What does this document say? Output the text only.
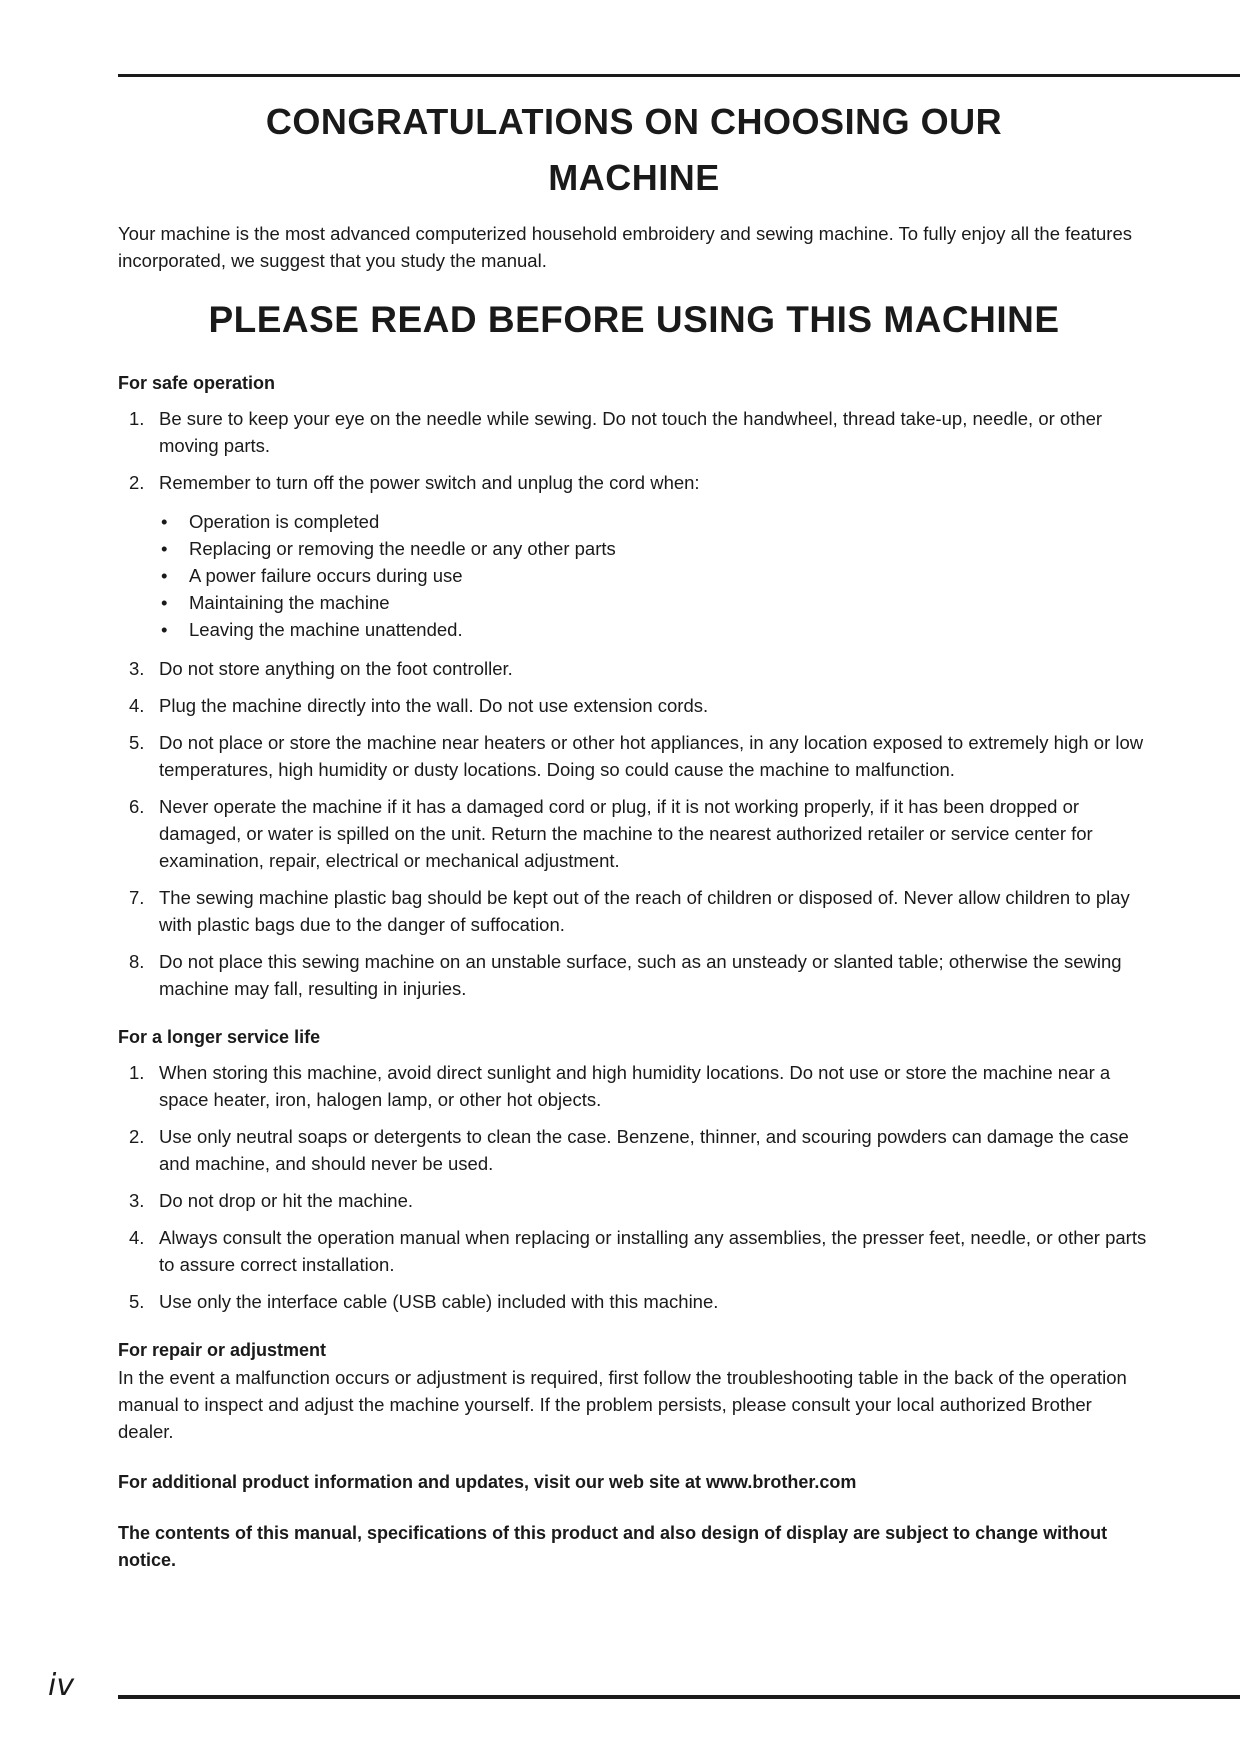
CONGRATULATIONS ON CHOOSING OUR MACHINE

Your machine is the most advanced computerized household embroidery and sewing machine. To fully enjoy all the features incorporated, we suggest that you study the manual.

PLEASE READ BEFORE USING THIS MACHINE

For safe operation

1. Be sure to keep your eye on the needle while sewing. Do not touch the handwheel, thread take-up, needle, or other moving parts.
2. Remember to turn off the power switch and unplug the cord when:
• Operation is completed
• Replacing or removing the needle or any other parts
• A power failure occurs during use
• Maintaining the machine
• Leaving the machine unattended.
3. Do not store anything on the foot controller.
4. Plug the machine directly into the wall. Do not use extension cords.
5. Do not place or store the machine near heaters or other hot appliances, in any location exposed to extremely high or low temperatures, high humidity or dusty locations. Doing so could cause the machine to malfunction.
6. Never operate the machine if it has a damaged cord or plug, if it is not working properly, if it has been dropped or damaged, or water is spilled on the unit. Return the machine to the nearest authorized retailer or service center for examination, repair, electrical or mechanical adjustment.
7. The sewing machine plastic bag should be kept out of the reach of children or disposed of. Never allow children to play with plastic bags due to the danger of suffocation.
8. Do not place this sewing machine on an unstable surface, such as an unsteady or slanted table; otherwise the sewing machine may fall, resulting in injuries.

For a longer service life

1. When storing this machine, avoid direct sunlight and high humidity locations. Do not use or store the machine near a space heater, iron, halogen lamp, or other hot objects.
2. Use only neutral soaps or detergents to clean the case. Benzene, thinner, and scouring powders can damage the case and machine, and should never be used.
3. Do not drop or hit the machine.
4. Always consult the operation manual when replacing or installing any assemblies, the presser feet, needle, or other parts to assure correct installation.
5. Use only the interface cable (USB cable) included with this machine.

For repair or adjustment

In the event a malfunction occurs or adjustment is required, first follow the troubleshooting table in the back of the operation manual to inspect and adjust the machine yourself. If the problem persists, please consult your local authorized Brother dealer.

For additional product information and updates, visit our web site at www.brother.com

The contents of this manual, specifications of this product and also design of display are subject to change without notice.

iv
